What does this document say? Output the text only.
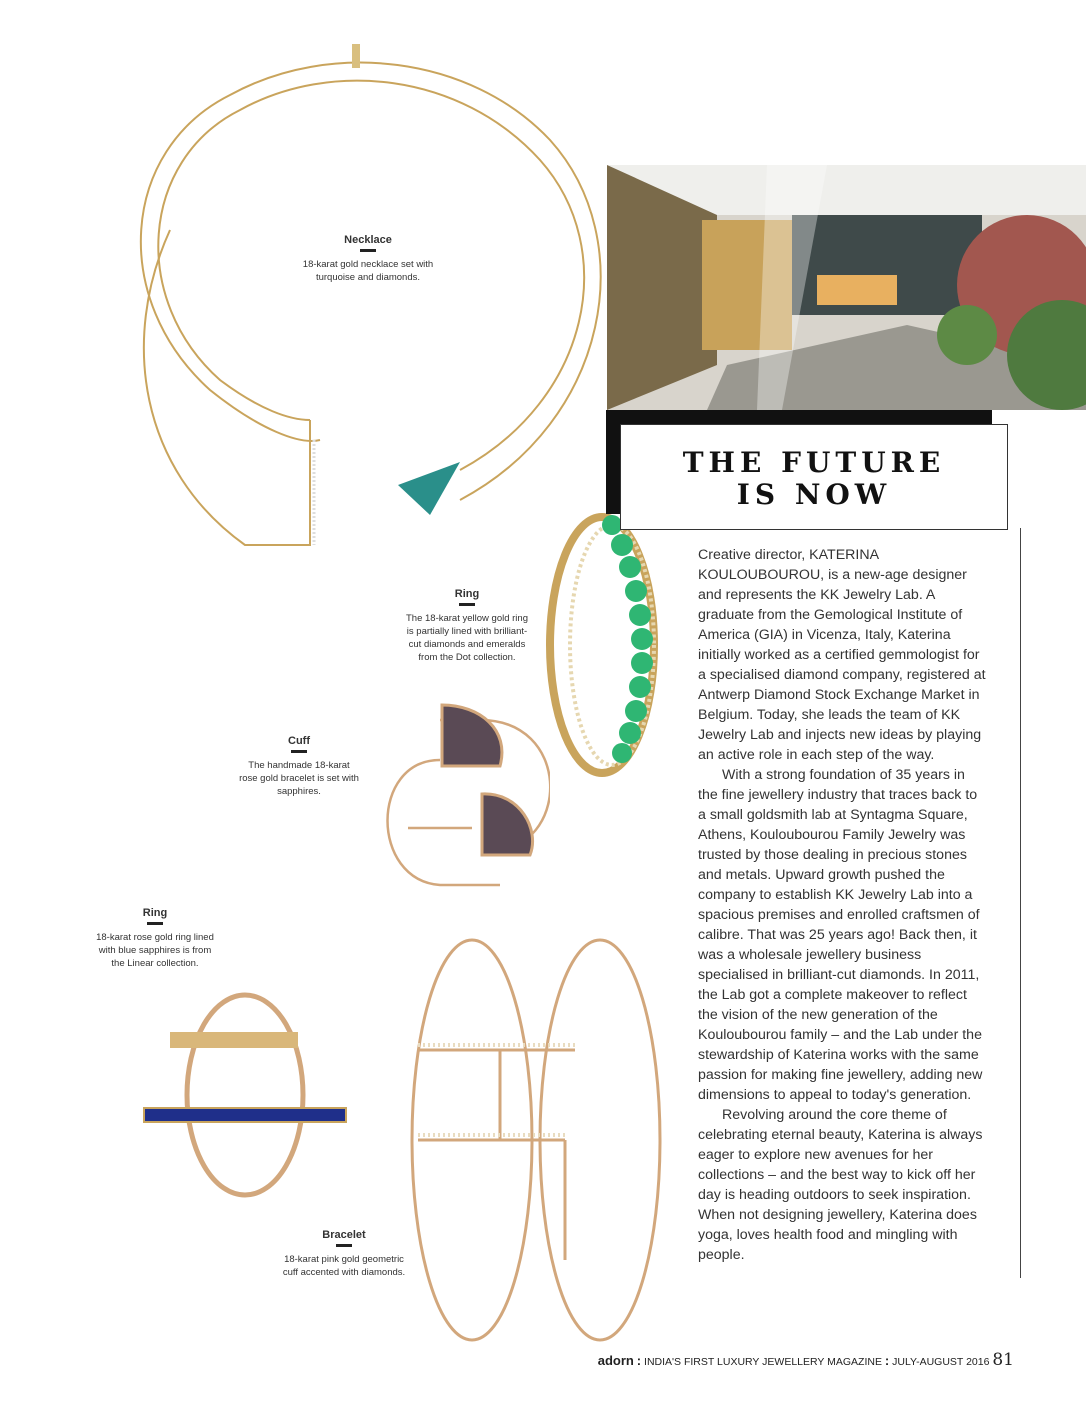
Necklace
18-karat gold necklace set with turquoise and diamonds.
Ring
The 18-karat yellow gold ring is partially lined with brilliant-cut diamonds and emeralds from the Dot collection.
Cuff
The handmade 18-karat rose gold bracelet is set with sapphires.
Ring
18-karat rose gold ring lined with blue sapphires is from the Linear collection.
Bracelet
18-karat pink gold geometric cuff accented with diamonds.
THE FUTURE
IS NOW

Creative director, KATERINA KOULOUBOUROU, is a new-age designer and represents the KK Jewelry Lab. A graduate from the Gemological Institute of America (GIA) in Vicenza, Italy, Katerina initially worked as a certified gemmologist for a specialised diamond company, registered at Antwerp Diamond Stock Exchange Market in Belgium. Today, she leads the team of KK Jewelry Lab and injects new ideas by playing an active role in each step of the way.

With a strong foundation of 35 years in the fine jewellery industry that traces back to a small goldsmith lab at Syntagma Square, Athens, Kouloubourou Family Jewelry was trusted by those dealing in precious stones and metals. Upward growth pushed the company to establish KK Jewelry Lab into a spacious premises and enrolled craftsmen of calibre. That was 25 years ago! Back then, it was a wholesale jewellery business specialised in brilliant-cut diamonds. In 2011, the Lab got a complete makeover to reflect the vision of the new generation of the Kouloubourou family – and the Lab under the stewardship of Katerina works with the same passion for making fine jewellery, adding new dimensions to appeal to today's generation.

Revolving around the core theme of celebrating eternal beauty, Katerina is always eager to explore new avenues for her collections – and the best way to kick off her day is heading outdoors to seek inspiration. When not designing jewellery, Katerina does yoga, loves health food and mingling with people.

adorn : INDIA'S FIRST LUXURY JEWELLERY MAGAZINE : JULY-AUGUST 2016 81
